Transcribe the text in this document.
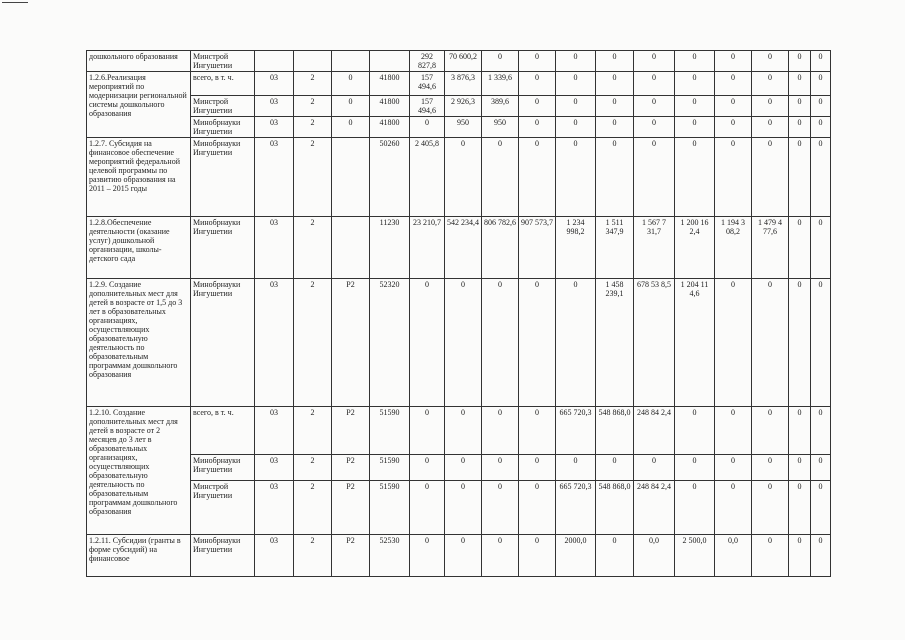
дошкольного образования	Минстрой Ингушетии					292 827,8	70 600,2	0	0	0	0	0	0	0	0	0	0
1.2.6.Реализация мероприятий по модернизации региональной системы дошкольного образования	всего, в т. ч.	03	2	0	41800	157 494,6	3 876,3	1 339,6	0	0	0	0	0	0	0	0	0
	Минстрой Ингушетии	03	2	0	41800	157 494,6	2 926,3	389,6	0	0	0	0	0	0	0	0	0
	Минобрнауки Ингушетии	03	2	0	41800	0	950	950	0	0	0	0	0	0	0	0	0
1.2.7. Субсидия на финансовое обеспечение мероприятий федеральной целевой программы по развитию образования на 2011 – 2015 годы	Минобрнауки Ингушетии	03	2		50260	2 405,8	0	0	0	0	0	0	0	0	0	0	0
1.2.8.Обеспечение деятельности (оказание услуг) дошкольной организации, школы-детского сада	Минобрнауки Ингушетии	03	2		11230	23 210,7	542 234,4	806 782,6	907 573,7	1 234 998,2	1 511 347,9	1 567 7 31,7	1 200 16 2,4	1 194 3 08,2	1 479 4 77,6	0	0
1.2.9. Создание дополнительных мест для детей в возрасте от 1,5 до 3 лет в образовательных организациях, осуществляющих образовательную деятельность по образовательным программам дошкольного образования	Минобрнауки Ингушетии	03	2	P2	52320	0	0	0	0	0	1 458 239,1	678 53 8,5	1 204 11 4,6	0	0	0	0
1.2.10. Создание дополнительных мест для детей в возрасте от 2 месяцев до 3 лет в образовательных организациях, осуществляющих образовательную деятельность по образовательным программам дошкольного образования	всего, в т. ч.	03	2	P2	51590	0	0	0	0	665 720,3	548 868,0	248 84 2,4	0	0	0	0	0
	Минобрнауки Ингушетии	03	2	P2	51590	0	0	0	0	0	0	0	0	0	0	0	0
	Минстрой Ингушетии	03	2	P2	51590	0	0	0	0	665 720,3	548 868,0	248 84 2,4	0	0	0	0	0
1.2.11. Субсидии (гранты в форме субсидий) на финансовое	Минобрнауки Ингушетии	03	2	P2	52530	0	0	0	0	2000,0	0	0,0	2 500,0	0,0	0	0	0
